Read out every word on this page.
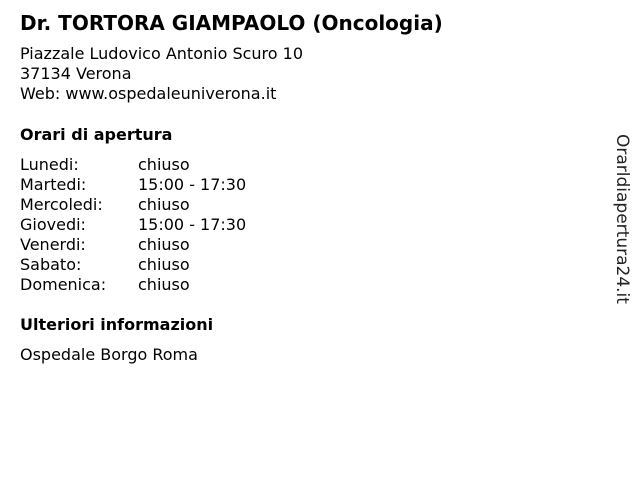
Dr. TORTORA GIAMPAOLO (Oncologia)
Piazzale Ludovico Antonio Scuro 10
37134 Verona
Web: www.ospedaleuniverona.it
Orari di apertura
Lunedi:	chiuso
Martedi:	15:00 - 17:30
Mercoledi:	chiuso
Giovedi:	15:00 - 17:30
Venerdi:	chiuso
Sabato:	chiuso
Domenica:	chiuso
Ulteriori informazioni
Ospedale Borgo Roma
Orarldiapertura24.it
